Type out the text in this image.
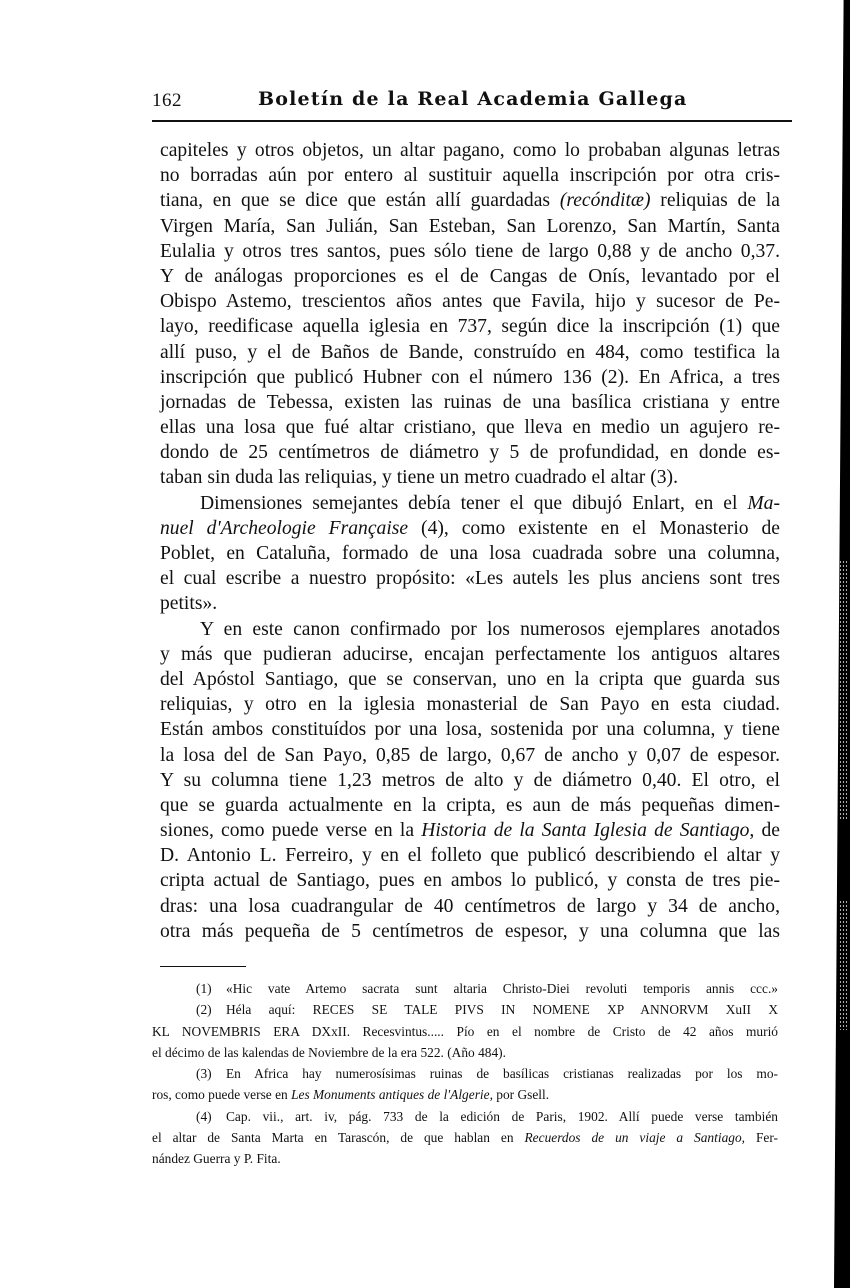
162	Boletín de la Real Academia Gallega
capiteles y otros objetos, un altar pagano, como lo probaban algunas letras
no borradas aún por entero al sustituir aquella inscripción por otra cris-
tiana, en que se dice que están allí guardadas (recónditæ) reliquias de la
Virgen María, San Julián, San Esteban, San Lorenzo, San Martín, Santa
Eulalia y otros tres santos, pues sólo tiene de largo 0,88 y de ancho 0,37.
Y de análogas proporciones es el de Cangas de Onís, levantado por el
Obispo Astemo, trescientos años antes que Favila, hijo y sucesor de Pe-
layo, reedificase aquella iglesia en 737, según dice la inscripción (1) que
allí puso, y el de Baños de Bande, construído en 484, como testifica la
inscripción que publicó Hubner con el número 136 (2). En Africa, a tres
jornadas de Tebessa, existen las ruinas de una basílica cristiana y entre
ellas una losa que fué altar cristiano, que lleva en medio un agujero re-
dondo de 25 centímetros de diámetro y 5 de profundidad, en donde es-
taban sin duda las reliquias, y tiene un metro cuadrado el altar (3).
Dimensiones semejantes debía tener el que dibujó Enlart, en el Ma-
nuel d'Archeologie Française (4), como existente en el Monasterio de
Poblet, en Cataluña, formado de una losa cuadrada sobre una columna,
el cual escribe a nuestro propósito: «Les autels les plus anciens sont tres
petits».
Y en este canon confirmado por los numerosos ejemplares anotados
y más que pudieran aducirse, encajan perfectamente los antiguos altares
del Apóstol Santiago, que se conservan, uno en la cripta que guarda sus
reliquias, y otro en la iglesia monasterial de San Payo en esta ciudad.
Están ambos constituídos por una losa, sostenida por una columna, y tiene
la losa del de San Payo, 0,85 de largo, 0,67 de ancho y 0,07 de espesor.
Y su columna tiene 1,23 metros de alto y de diámetro 0,40. El otro, el
que se guarda actualmente en la cripta, es aun de más pequeñas dimen-
siones, como puede verse en la Historia de la Santa Iglesia de Santiago, de
D. Antonio L. Ferreiro, y en el folleto que publicó describiendo el altar y
cripta actual de Santiago, pues en ambos lo publicó, y consta de tres pie-
dras: una losa cuadrangular de 40 centímetros de largo y 34 de ancho,
otra más pequeña de 5 centímetros de espesor, y una columna que las
(1) «Hic vate Artemo sacrata sunt altaria Christo-Diei revoluti temporis annis ccc.»
(2) Héla aquí: RECES SE TALE PIVS IN NOMENE XP ANNORVM XuII X
KL NOVEMBRIS ERA DXxII. Recesvintus..... Pío en el nombre de Cristo de 42 años murió
el décimo de las kalendas de Noviembre de la era 522. (Año 484).
(3) En Africa hay numerosísimas ruinas de basílicas cristianas realizadas por los mo-
ros, como puede verse en Les Monuments antiques de l'Algerie, por Gsell.
(4) Cap. vii., art. iv, pág. 733 de la edición de Paris, 1902. Allí puede verse también
el altar de Santa Marta en Tarascón, de que hablan en Recuerdos de un viaje a Santiago, Fer-
nández Guerra y P. Fita.
